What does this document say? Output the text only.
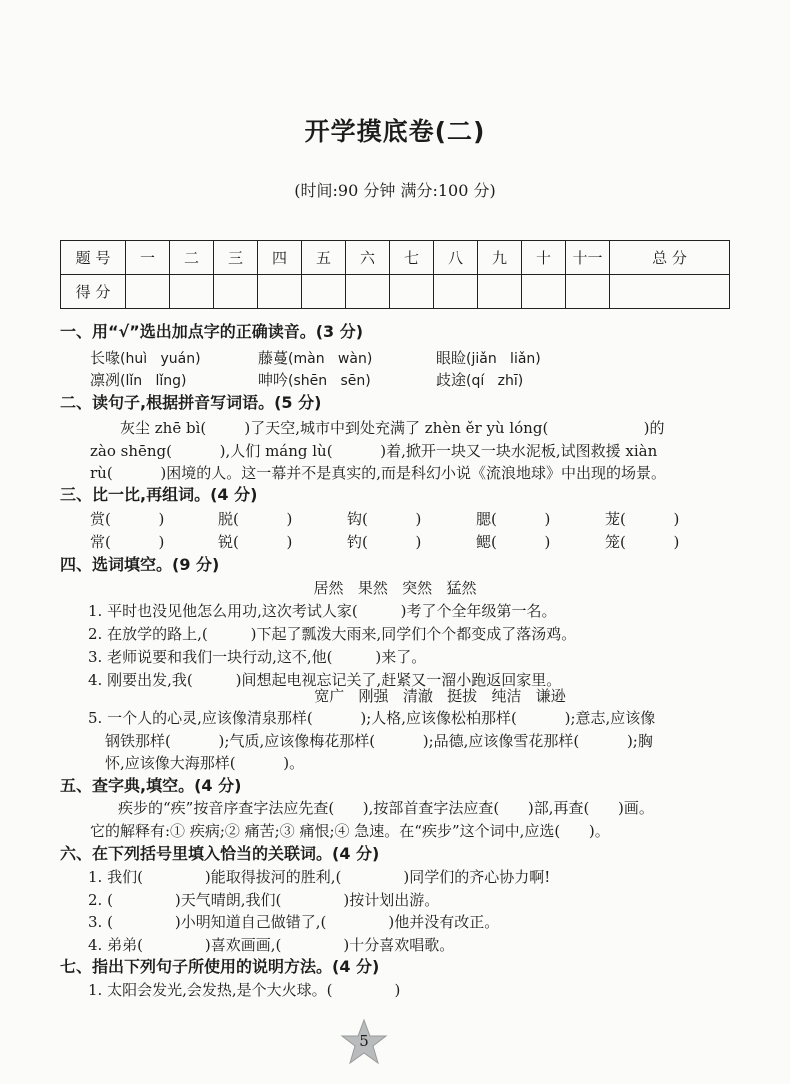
开学摸底卷(二)
(时间:90 分钟 满分:100 分)
题 号	一	二	三	四	五	六	七	八	九	十	十一	总 分
得 分												
一、用“√”选出加点字的正确读音。(3 分)
长喙(huì   yuán)	藤蔓(màn   wàn)	眼睑(jiǎn   liǎn)
凛冽(lǐn   lǐng)	呻吟(shēn   sēn)	歧途(qí   zhī)
二、读句子,根据拼音写词语。(5 分)
灰尘 zhē bì(        )了天空,城市中到处充满了 zhèn ěr yù lóng(                    )的
zào shēng(          ),人们 máng lù(          )着,掀开一块又一块水泥板,试图救援 xiàn
rù(          )困境的人。这一幕并不是真实的,而是科幻小说《流浪地球》中出现的场景。
三、比一比,再组词。(4 分)
赏(          )	脱(          )	钩(          )	腮(          )	茏(          )
常(          )	锐(          )	钓(          )	鳃(          )	笼(          )
四、选词填空。(9 分)
居然   果然   突然   猛然
1. 平时也没见他怎么用功,这次考试人家(         )考了个全年级第一名。
2. 在放学的路上,(         )下起了瓢泼大雨来,同学们个个都变成了落汤鸡。
3. 老师说要和我们一块行动,这不,他(         )来了。
4. 刚要出发,我(         )间想起电视忘记关了,赶紧又一溜小跑返回家里。
宽广   刚强   清澈   挺拔   纯洁   谦逊
5. 一个人的心灵,应该像清泉那样(          );人格,应该像松柏那样(          );意志,应该像
钢铁那样(          );气质,应该像梅花那样(          );品德,应该像雪花那样(          );胸
怀,应该像大海那样(          )。
五、查字典,填空。(4 分)
疾步的“疾”按音序查字法应先查(      ),按部首查字法应查(      )部,再查(      )画。
它的解释有:① 疾病;② 痛苦;③ 痛恨;④ 急速。在“疾步”这个词中,应选(      )。
六、在下列括号里填入恰当的关联词。(4 分)
1. 我们(             )能取得拔河的胜利,(             )同学们的齐心协力啊!
2. (             )天气晴朗,我们(             )按计划出游。
3. (             )小明知道自己做错了,(             )他并没有改正。
4. 弟弟(             )喜欢画画,(             )十分喜欢唱歌。
七、指出下列句子所使用的说明方法。(4 分)
1. 太阳会发光,会发热,是个大火球。(             )
5
